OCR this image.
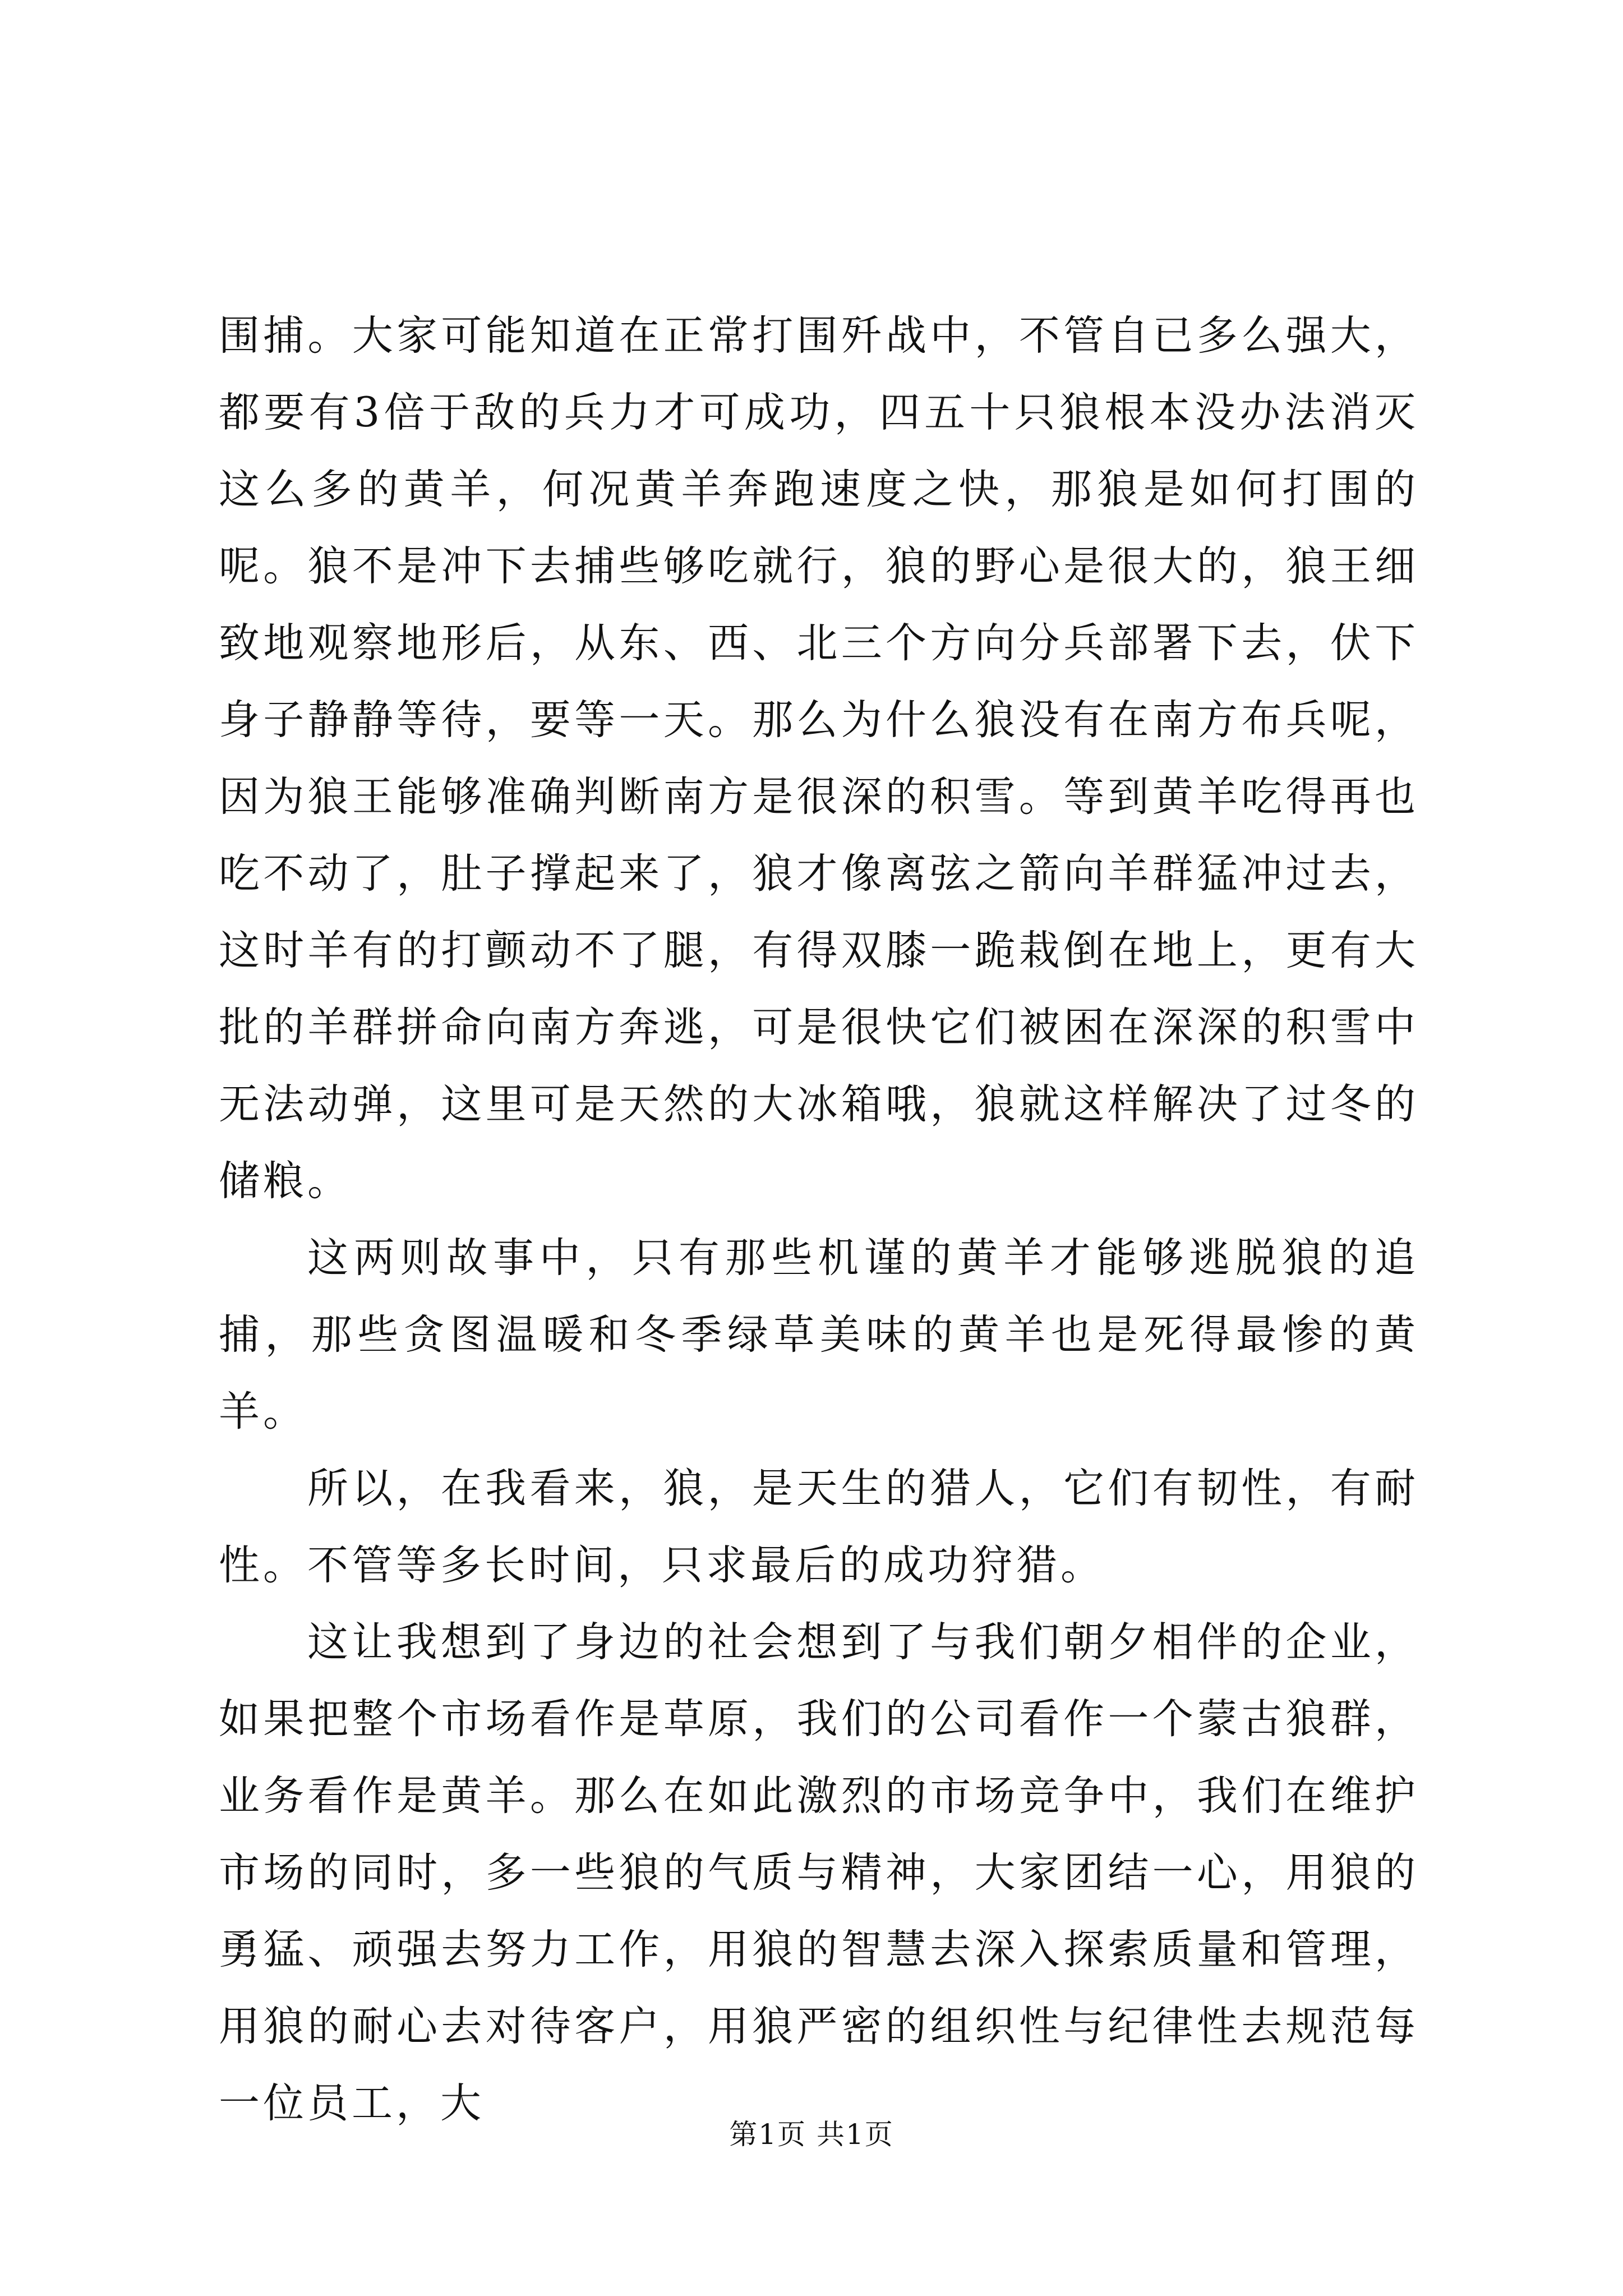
围捕。大家可能知道在正常打围歼战中，不管自已多么强大，都要有3倍于敌的兵力才可成功，四五十只狼根本没办法消灭这么多的黄羊，何况黄羊奔跑速度之快，那狼是如何打围的呢。狼不是冲下去捕些够吃就行，狼的野心是很大的，狼王细致地观察地形后，从东、西、北三个方向分兵部署下去，伏下身子静静等待，要等一天。那么为什么狼没有在南方布兵呢，因为狼王能够准确判断南方是很深的积雪。等到黄羊吃得再也吃不动了，肚子撑起来了，狼才像离弦之箭向羊群猛冲过去，这时羊有的打颤动不了腿，有得双膝一跪栽倒在地上，更有大批的羊群拼命向南方奔逃，可是很快它们被困在深深的积雪中无法动弹，这里可是天然的大冰箱哦，狼就这样解决了过冬的储粮。

这两则故事中，只有那些机谨的黄羊才能够逃脱狼的追捕，那些贪图温暖和冬季绿草美味的黄羊也是死得最惨的黄羊。

所以，在我看来，狼，是天生的猎人，它们有韧性，有耐性。不管等多长时间，只求最后的成功狩猎。

这让我想到了身边的社会想到了与我们朝夕相伴的企业，如果把整个市场看作是草原，我们的公司看作一个蒙古狼群，业务看作是黄羊。那么在如此激烈的市场竞争中，我们在维护市场的同时，多一些狼的气质与精神，大家团结一心，用狼的勇猛、顽强去努力工作，用狼的智慧去深入探索质量和管理，用狼的耐心去对待客户，用狼严密的组织性与纪律性去规范每一位员工，大

第1页 共1页
